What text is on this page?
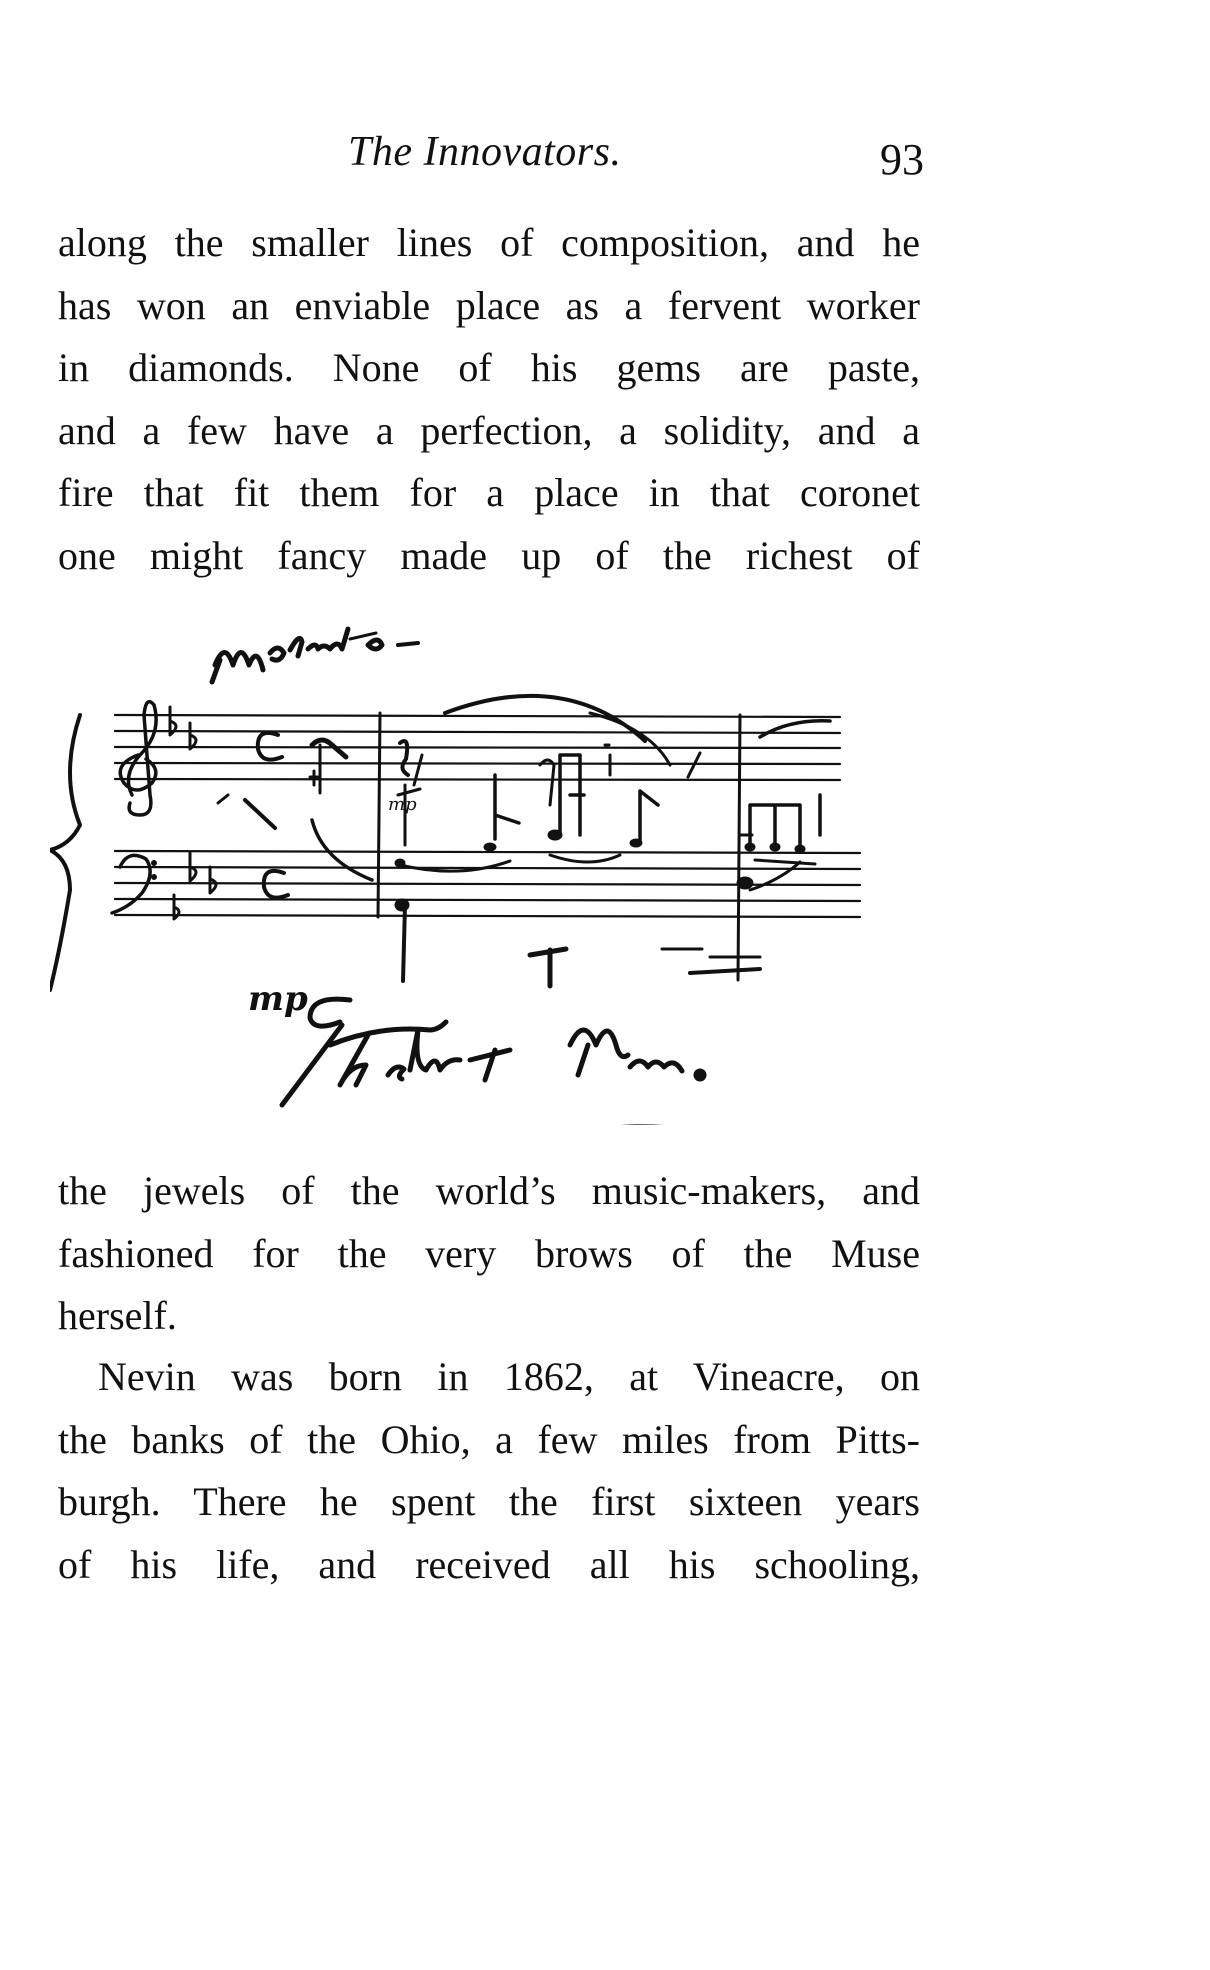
The Innovators.	93
along the smaller lines of composition, and he
has won an enviable place as a fervent worker
in diamonds. None of his gems are paste,
and a few have a perfection, a solidity, and a
fire that fit them for a place in that coronet
one might fancy made up of the richest of
mp
mp
the jewels of the world’s music-makers, and
fashioned for the very brows of the Muse
herself.
Nevin was born in 1862, at Vineacre, on
the banks of the Ohio, a few miles from Pitts-
burgh. There he spent the first sixteen years
of his life, and received all his schooling,
